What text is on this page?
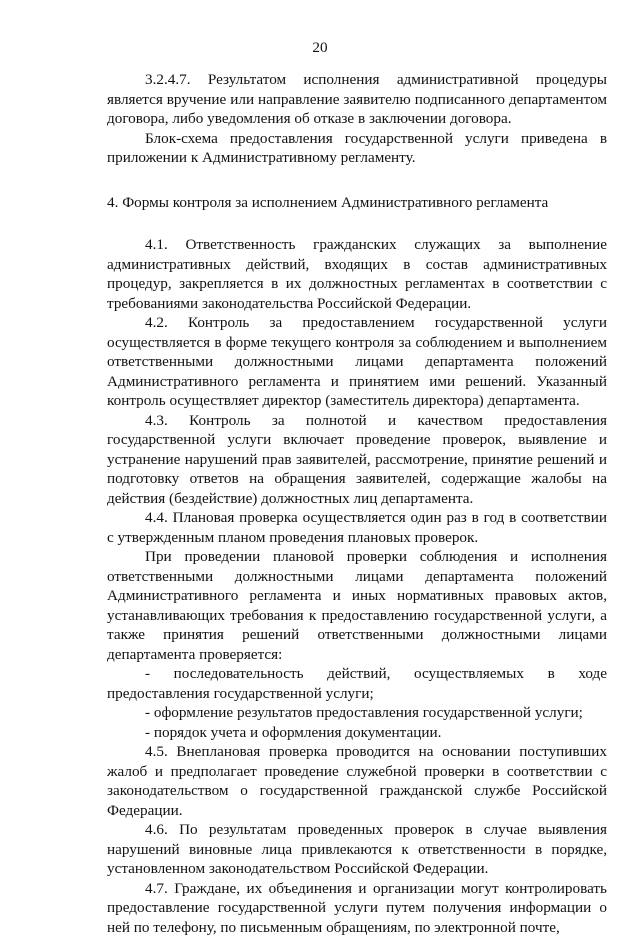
20

3.2.4.7. Результатом исполнения административной процедуры является вручение или направление заявителю подписанного департаментом договора, либо уведомления об отказе в заключении договора.

Блок-схема предоставления государственной услуги приведена в приложении к Административному регламенту.

4. Формы контроля за исполнением Административного регламента

4.1. Ответственность гражданских служащих за выполнение административных действий, входящих в состав административных процедур, закрепляется в их должностных регламентах в соответствии с требованиями законодательства Российской Федерации.

4.2. Контроль за предоставлением государственной услуги осуществляется в форме текущего контроля за соблюдением и выполнением ответственными должностными лицами департамента положений Административного регламента и принятием ими решений. Указанный контроль осуществляет директор (заместитель директора) департамента.

4.3. Контроль за полнотой и качеством предоставления государственной услуги включает проведение проверок, выявление и устранение нарушений прав заявителей, рассмотрение, принятие решений и подготовку ответов на обращения заявителей, содержащие жалобы на действия (бездействие) должностных лиц департамента.

4.4. Плановая проверка осуществляется один раз в год в соответствии с утвержденным планом проведения плановых проверок.

При проведении плановой проверки соблюдения и исполнения ответственными должностными лицами департамента положений Административного регламента и иных нормативных правовых актов, устанавливающих требования к предоставлению государственной услуги, а также принятия решений ответственными должностными лицами департамента проверяется:

- последовательность действий, осуществляемых в ходе предоставления государственной услуги;

- оформление результатов предоставления государственной услуги;

- порядок учета и оформления документации.

4.5. Внеплановая проверка проводится на основании поступивших жалоб и предполагает проведение служебной проверки в соответствии с законодательством о государственной гражданской службе Российской Федерации.

4.6. По результатам проведенных проверок в случае выявления нарушений виновные лица привлекаются к ответственности в порядке, установленном законодательством Российской Федерации.

4.7. Граждане, их объединения и организации могут контролировать предоставление государственной услуги путем получения информации о ней по телефону, по письменным обращениям, по электронной почте,
